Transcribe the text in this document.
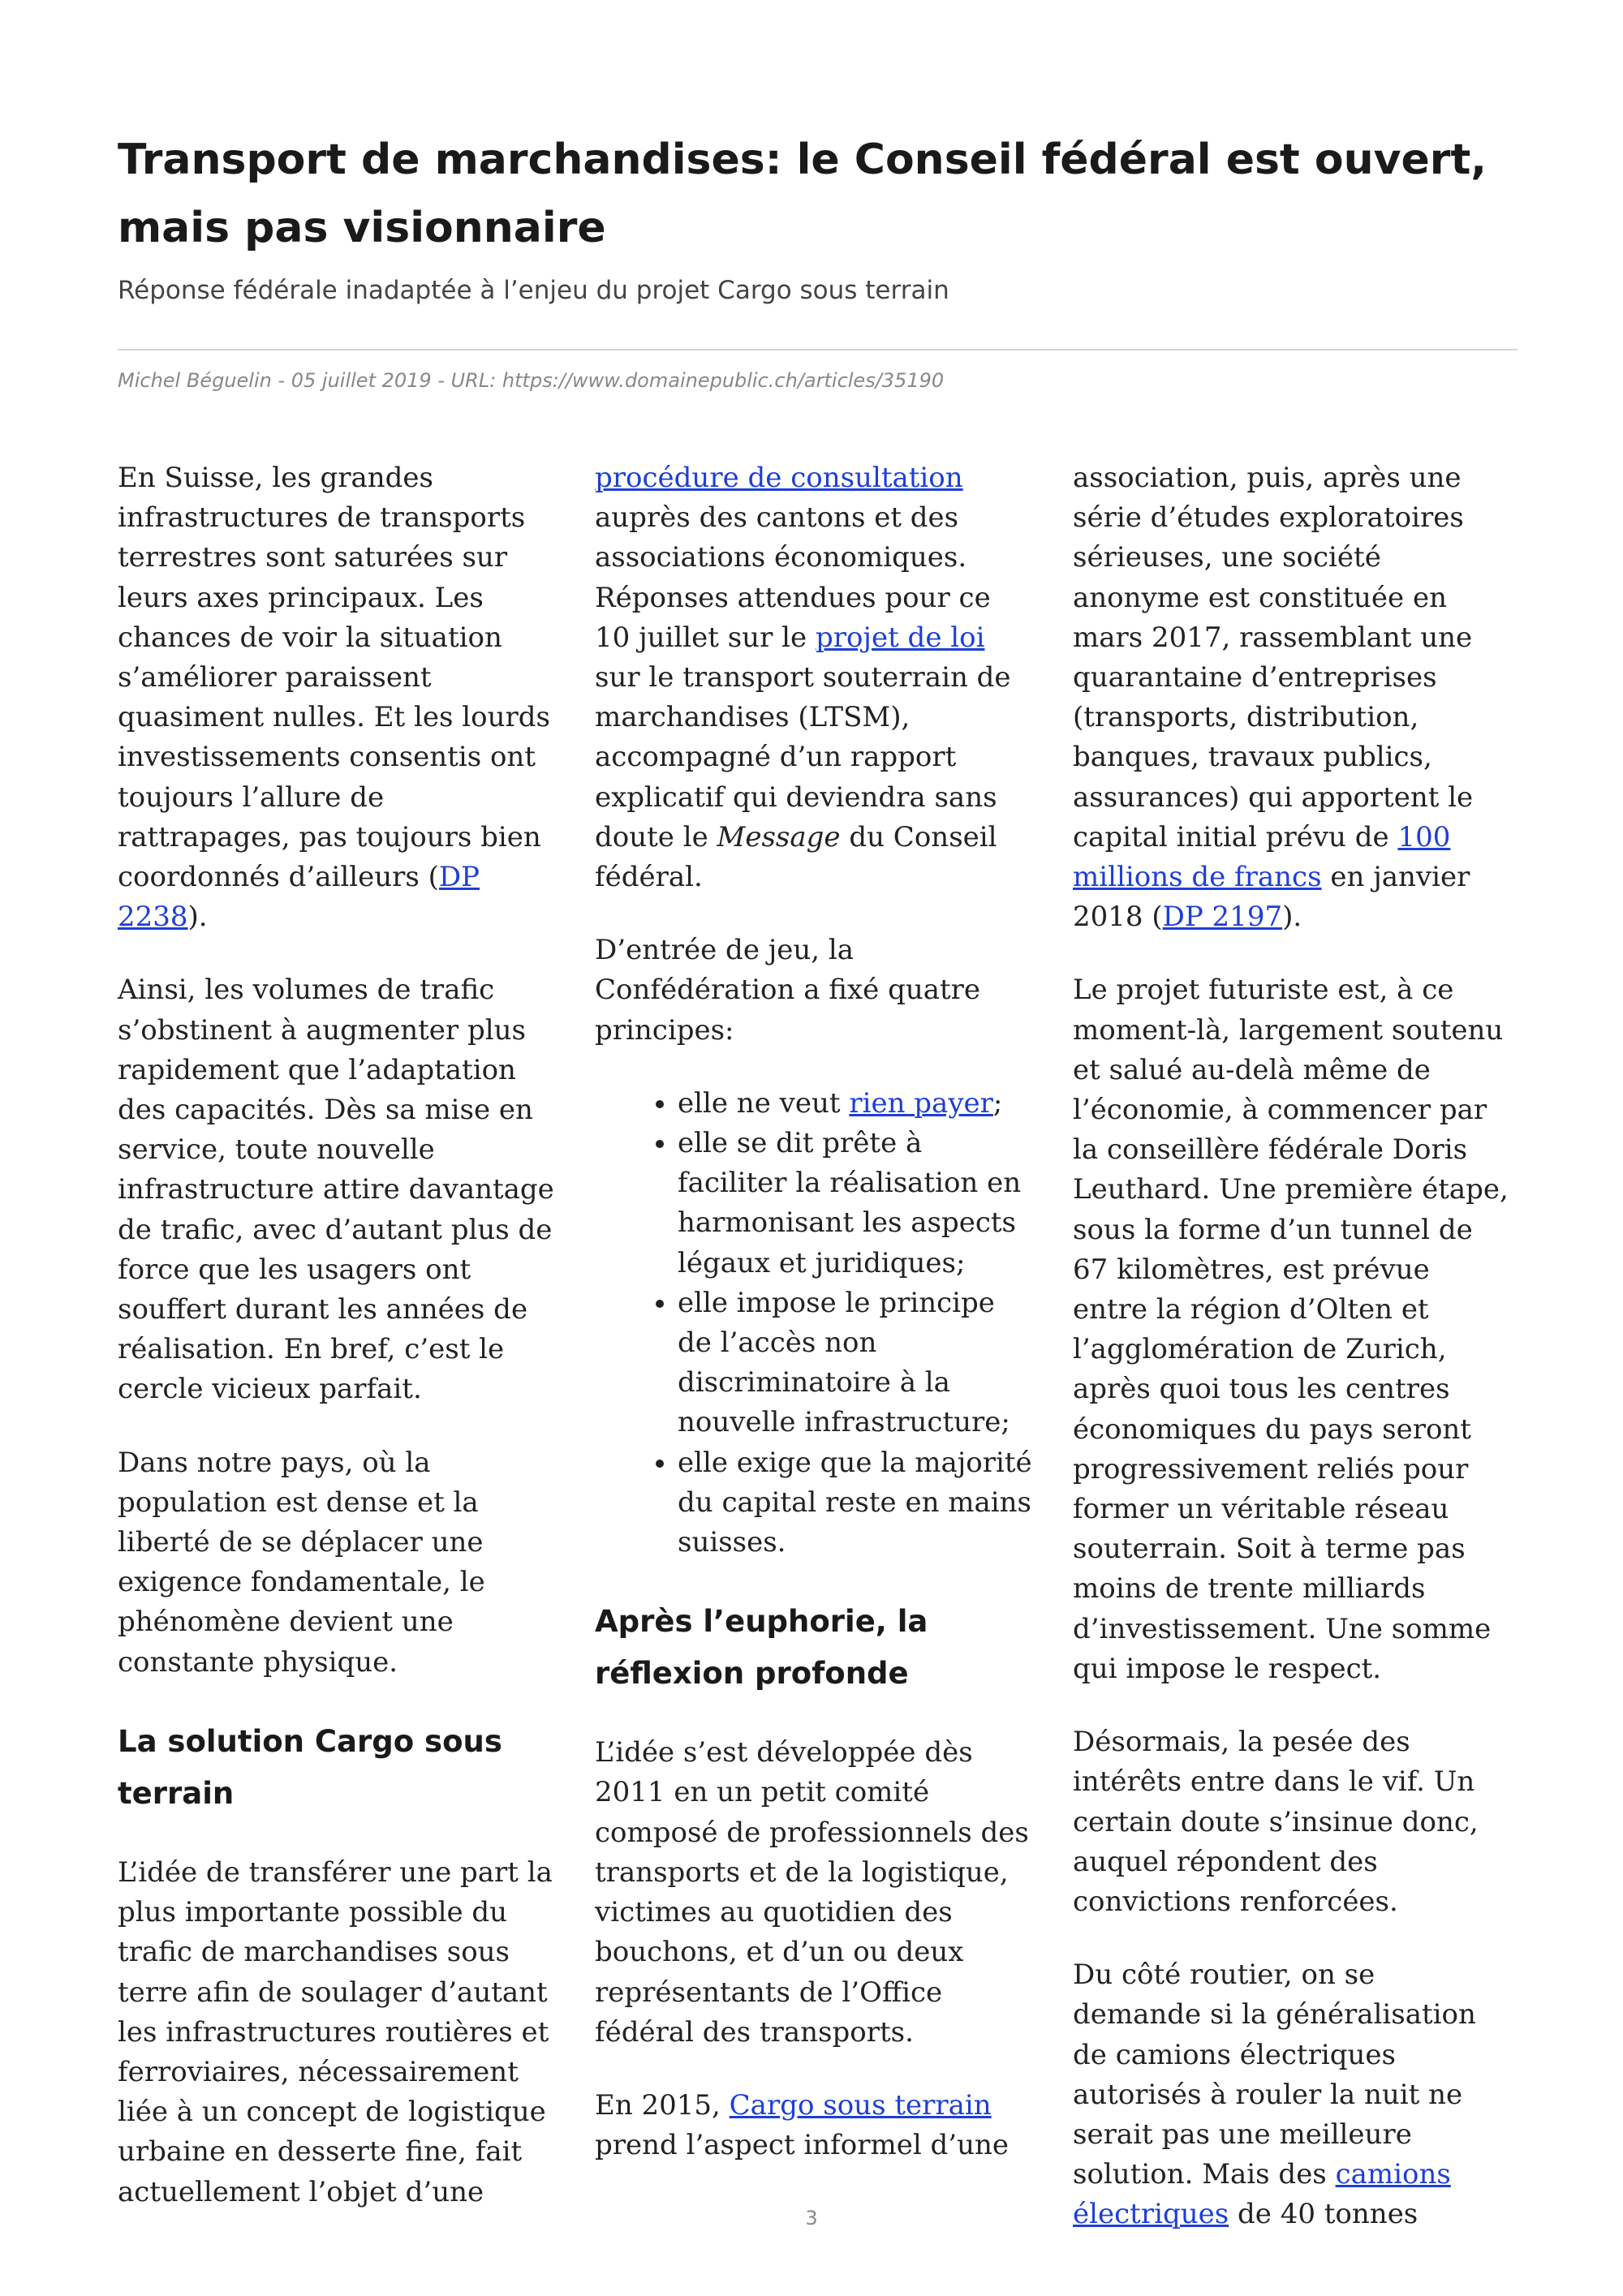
Transport de marchandises: le Conseil fédéral est ouvert, mais pas visionnaire
Réponse fédérale inadaptée à l’enjeu du projet Cargo sous terrain
Michel Béguelin - 05 juillet 2019 - URL: https://www.domainepublic.ch/articles/35190

En Suisse, les grandes infrastructures de transports terrestres sont saturées sur leurs axes principaux. Les chances de voir la situation s’améliorer paraissent quasiment nulles. Et les lourds investissements consentis ont toujours l’allure de rattrapages, pas toujours bien coordonnés d’ailleurs (DP 2238).

Ainsi, les volumes de trafic s’obstinent à augmenter plus rapidement que l’adaptation des capacités. Dès sa mise en service, toute nouvelle infrastructure attire davantage de trafic, avec d’autant plus de force que les usagers ont souffert durant les années de réalisation. En bref, c’est le cercle vicieux parfait.

Dans notre pays, où la population est dense et la liberté de se déplacer une exigence fondamentale, le phénomène devient une constante physique.

La solution Cargo sous terrain

L’idée de transférer une part la plus importante possible du trafic de marchandises sous terre afin de soulager d’autant les infrastructures routières et ferroviaires, nécessairement liée à un concept de logistique urbaine en desserte fine, fait actuellement l’objet d’une

procédure de consultation auprès des cantons et des associations économiques. Réponses attendues pour ce 10 juillet sur le projet de loi sur le transport souterrain de marchandises (LTSM), accompagné d’un rapport explicatif qui deviendra sans doute le Message du Conseil fédéral.

D’entrée de jeu, la Confédération a fixé quatre principes:

• elle ne veut rien payer;
• elle se dit prête à faciliter la réalisation en harmonisant les aspects légaux et juridiques;
• elle impose le principe de l’accès non discriminatoire à la nouvelle infrastructure;
• elle exige que la majorité du capital reste en mains suisses.
Après l’euphorie, la réflexion profonde

L’idée s’est développée dès 2011 en un petit comité composé de professionnels des transports et de la logistique, victimes au quotidien des bouchons, et d’un ou deux représentants de l’Office fédéral des transports.

En 2015, Cargo sous terrain prend l’aspect informel d’une

association, puis, après une série d’études exploratoires sérieuses, une société anonyme est constituée en mars 2017, rassemblant une quarantaine d’entreprises (transports, distribution, banques, travaux publics, assurances) qui apportent le capital initial prévu de 100 millions de francs en janvier 2018 (DP 2197).

Le projet futuriste est, à ce moment-là, largement soutenu et salué au-delà même de l’économie, à commencer par la conseillère fédérale Doris Leuthard. Une première étape, sous la forme d’un tunnel de 67 kilomètres, est prévue entre la région d’Olten et l’agglomération de Zurich, après quoi tous les centres économiques du pays seront progressivement reliés pour former un véritable réseau souterrain. Soit à terme pas moins de trente milliards d’investissement. Une somme qui impose le respect.

Désormais, la pesée des intérêts entre dans le vif. Un certain doute s’insinue donc, auquel répondent des convictions renforcées.

Du côté routier, on se demande si la généralisation de camions électriques autorisés à rouler la nuit ne serait pas une meilleure solution. Mais des camions électriques de 40 tonnes

3
